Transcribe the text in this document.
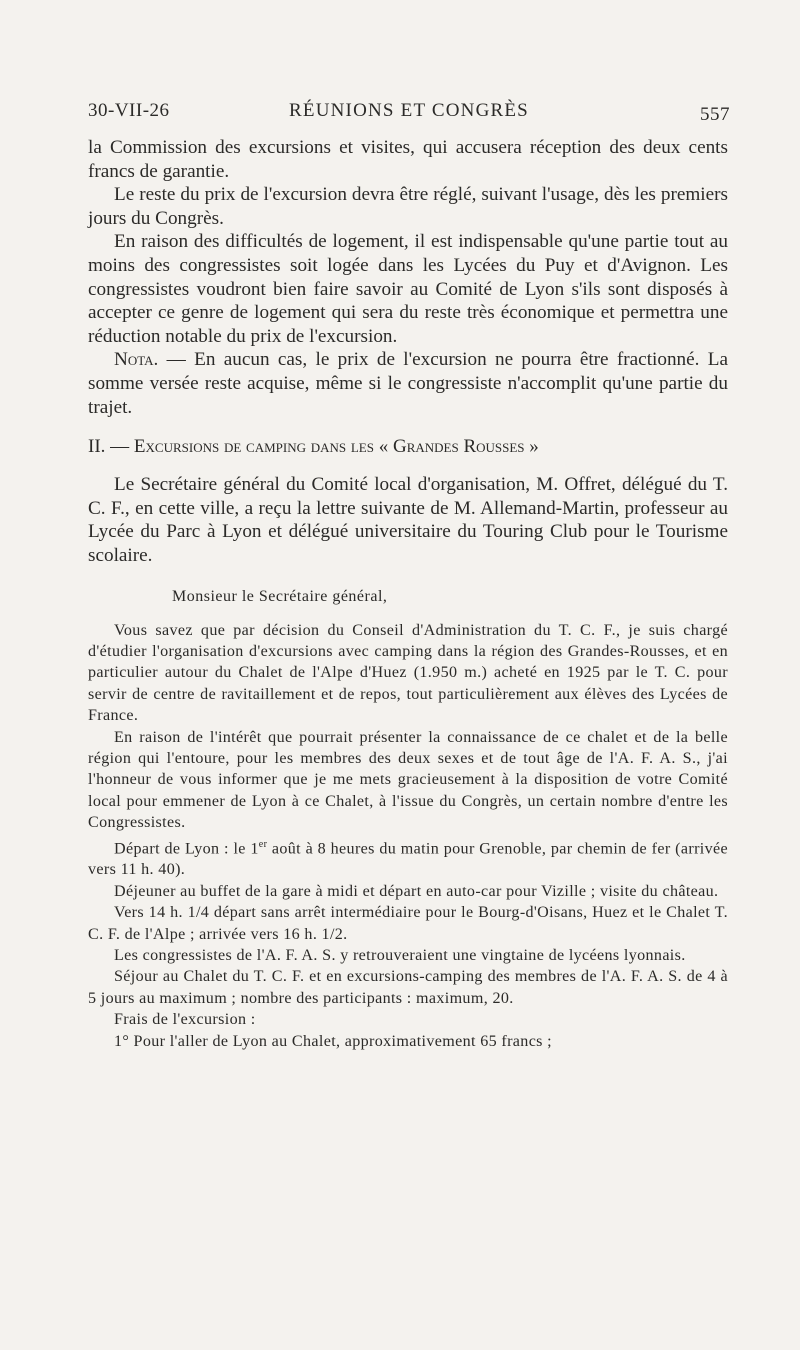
30-VII-26	RÉUNIONS ET CONGRÈS	557

la Commission des excursions et visites, qui accusera réception des deux cents francs de garantie.

Le reste du prix de l'excursion devra être réglé, suivant l'usage, dès les premiers jours du Congrès.

En raison des difficultés de logement, il est indispensable qu'une partie tout au moins des congressistes soit logée dans les Lycées du Puy et d'Avignon. Les congressistes voudront bien faire savoir au Comité de Lyon s'ils sont disposés à accepter ce genre de logement qui sera du reste très économique et permettra une réduction notable du prix de l'excursion.

Nota. — En aucun cas, le prix de l'excursion ne pourra être fractionné. La somme versée reste acquise, même si le congressiste n'accomplit qu'une partie du trajet.

II. — Excursions de camping dans les « Grandes Rousses »

Le Secrétaire général du Comité local d'organisation, M. Offret, délégué du T. C. F., en cette ville, a reçu la lettre suivante de M. Allemand-Martin, professeur au Lycée du Parc à Lyon et délégué universitaire du Touring Club pour le Tourisme scolaire.

Monsieur le Secrétaire général,

Vous savez que par décision du Conseil d'Administration du T. C. F., je suis chargé d'étudier l'organisation d'excursions avec camping dans la région des Grandes-Rousses, et en particulier autour du Chalet de l'Alpe d'Huez (1.950 m.) acheté en 1925 par le T. C. pour servir de centre de ravitaillement et de repos, tout particulièrement aux élèves des Lycées de France.

En raison de l'intérêt que pourrait présenter la connaissance de ce chalet et de la belle région qui l'entoure, pour les membres des deux sexes et de tout âge de l'A. F. A. S., j'ai l'honneur de vous informer que je me mets gracieusement à la disposition de votre Comité local pour emmener de Lyon à ce Chalet, à l'issue du Congrès, un certain nombre d'entre les Congressistes.

Départ de Lyon : le 1er août à 8 heures du matin pour Grenoble, par chemin de fer (arrivée vers 11 h. 40).

Déjeuner au buffet de la gare à midi et départ en auto-car pour Vizille ; visite du château.

Vers 14 h. 1/4 départ sans arrêt intermédiaire pour le Bourg-d'Oisans, Huez et le Chalet T. C. F. de l'Alpe ; arrivée vers 16 h. 1/2.

Les congressistes de l'A. F. A. S. y retrouveraient une vingtaine de lycéens lyonnais.

Séjour au Chalet du T. C. F. et en excursions-camping des membres de l'A. F. A. S. de 4 à 5 jours au maximum ; nombre des participants : maximum, 20.

Frais de l'excursion :

1° Pour l'aller de Lyon au Chalet, approximativement 65 francs ;
